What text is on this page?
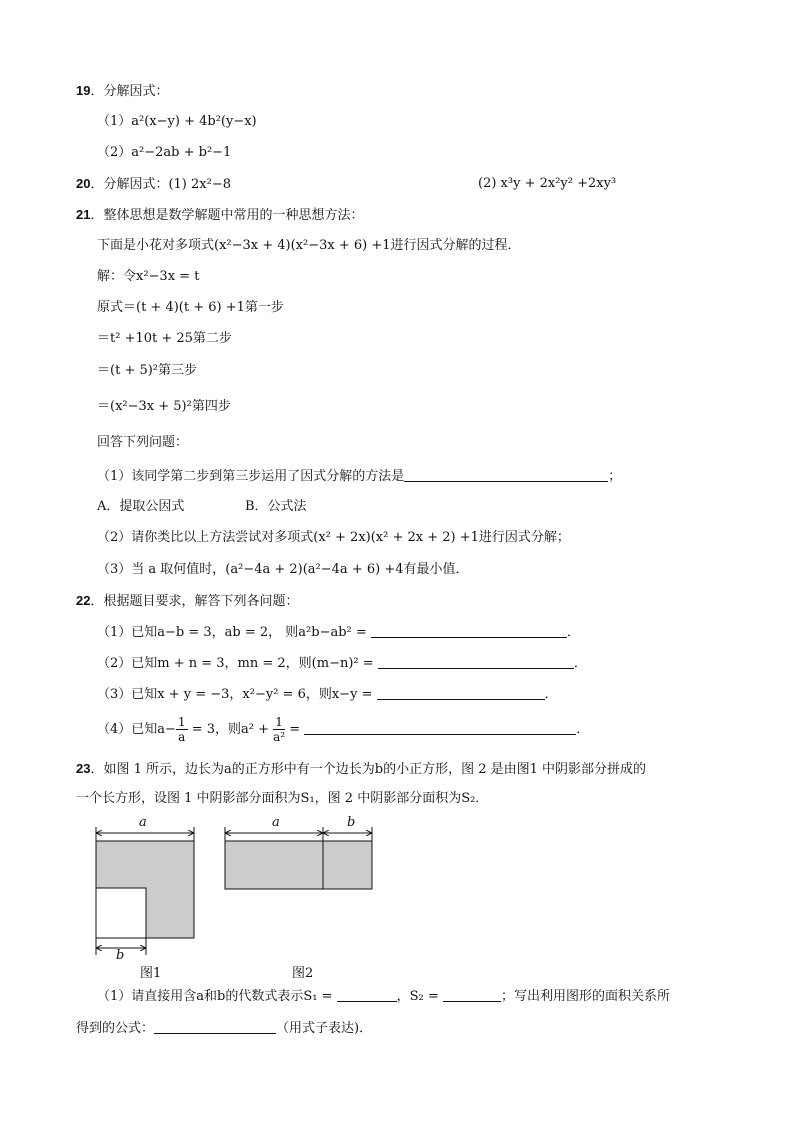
19．分解因式：
（1）a²(x−y) + 4b²(y−x)
（2）a²−2ab + b²−1
20．分解因式：(1) 2x²−8	(2) x³y + 2x²y² +2xy³
21．整体思想是数学解题中常用的一种思想方法：
下面是小花对多项式(x²−3x + 4)(x²−3x + 6) +1进行因式分解的过程．
解：令x²−3x = t
原式＝(t + 4)(t + 6) +1第一步
＝t² +10t + 25第二步
＝(t + 5)²第三步
＝(x²−3x + 5)²第四步
回答下列问题：
（1）该同学第二步到第三步运用了因式分解的方法是	；
A．提取公因式	B．公式法
（2）请你类比以上方法尝试对多项式(x² + 2x)(x² + 2x + 2) +1进行因式分解；
（3）当 a 取何值时，(a²−4a + 2)(a²−4a + 6) +4有最小值．
22．根据题目要求，解答下列各问题：
（1）已知a−b = 3，ab = 2， 则a²b−ab² =	．
（2）已知m + n = 3，mn = 2，则(m−n)² =	．
（3）已知x + y = −3，x²−y² = 6，则x−y =	．
（4）已知$a- \frac{1}{a} = 3$，则$a^2 + \frac{1}{\text{a²}}$ =	．
23．如图 1 所示，边长为a的正方形中有一个边长为b的小正方形，图 2 是由图1 中阴影部分拼成的
一个长方形，设图 1 中阴影部分面积为S₁，图 2 中阴影部分面积为S₂．
a
b
图1
a	b
图2
（1）请直接用含a和b的代数式表示S₁ =	，S₂ =	；写出利用图形的面积关系所
得到的公式：	（用式子表达)．
